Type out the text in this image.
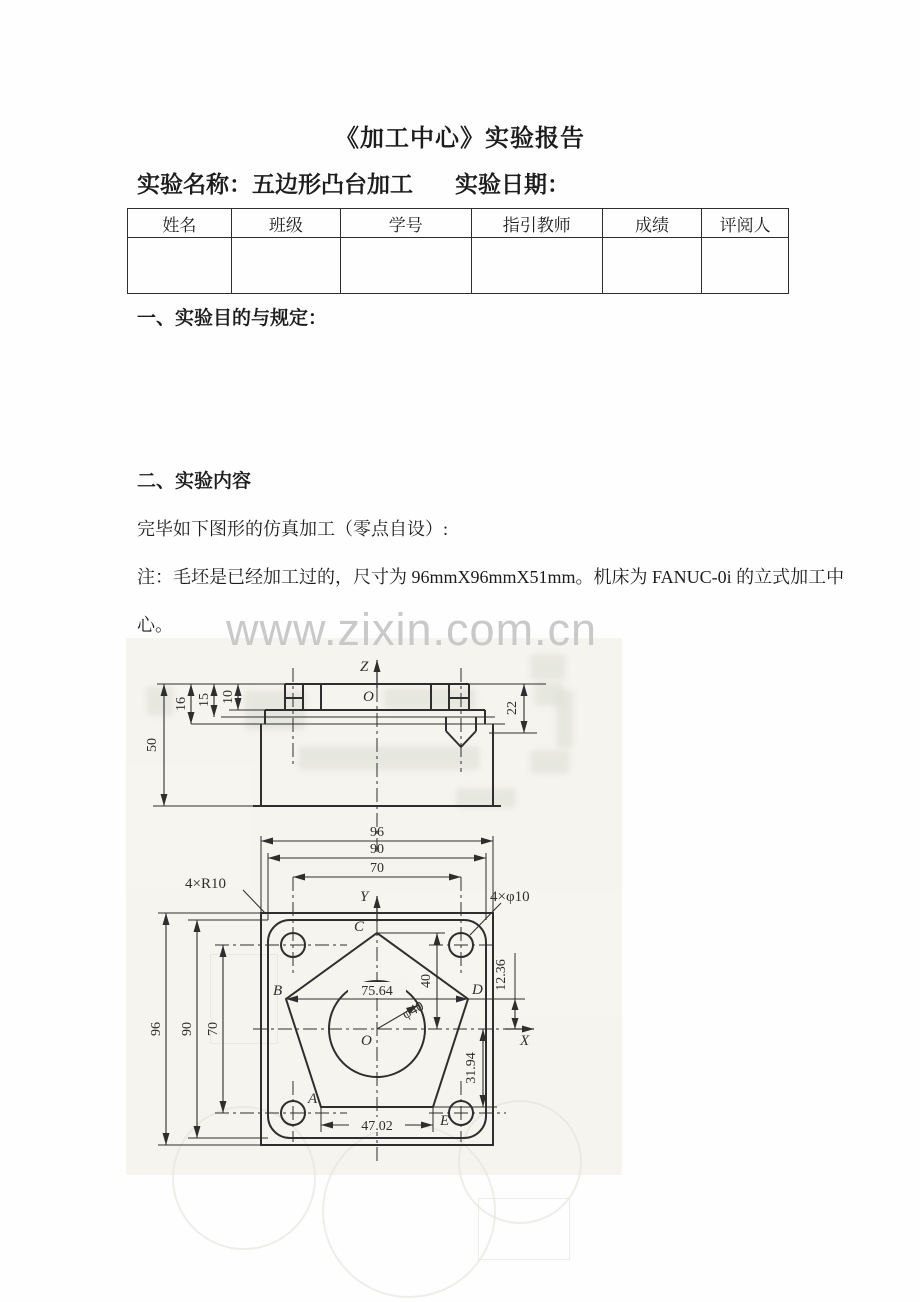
《加工中心》实验报告
实验名称：五边形凸台加工 实验日期：
姓名	班级	学号	指引教师	成绩	评阅人

一、实验目的与规定：
二、实验内容
完毕如下图形的仿真加工（零点自设）:
注：毛坯是已经加工过的，尺寸为 96mmX96mmX51mm。机床为 FANUC-0i 的立式加工中
心。 www.zixin.com.cn
50
16 15 10
22
96
90
70
96 90 70
40	12.36
31.94
75.64
47.02
φ40
Z
O
Y
X
O
C
B	D
A
E
4×R10
4×φ10
